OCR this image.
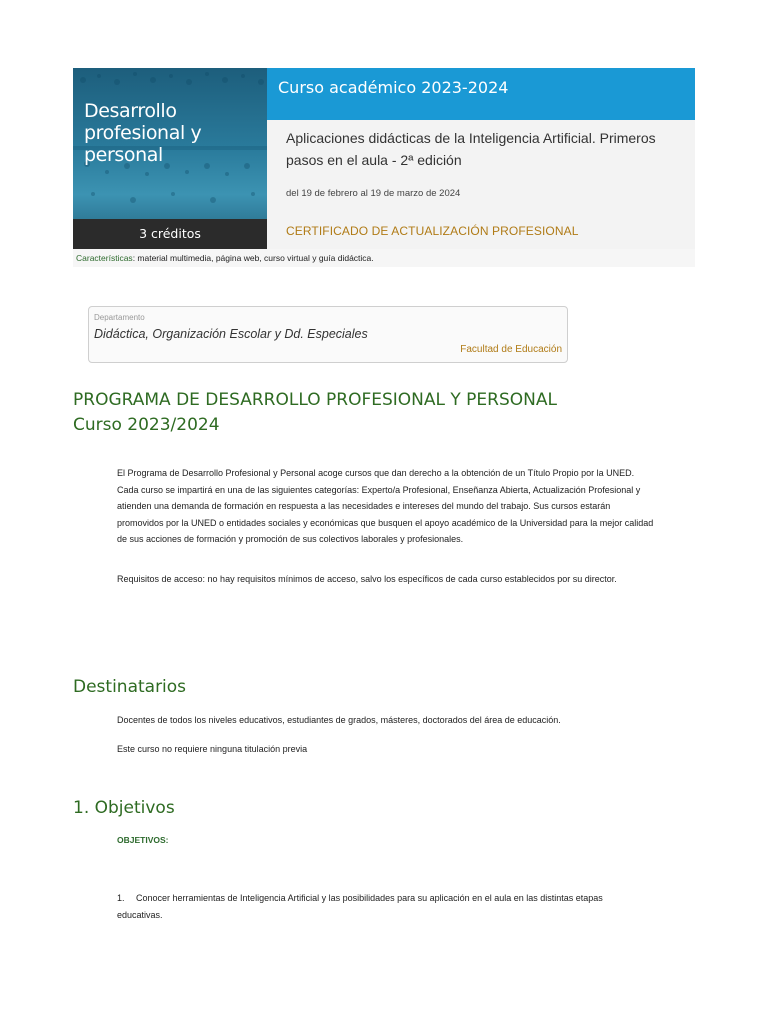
Desarrollo
profesional y personal
3 créditos
Curso académico 2023-2024
Aplicaciones didácticas de la Inteligencia Artificial. Primeros pasos en el aula - 2ª edición
del 19 de febrero al 19 de marzo de 2024
CERTIFICADO DE ACTUALIZACIÓN PROFESIONAL
Características: material multimedia, página web, curso virtual y guía didáctica.
Departamento
Didáctica, Organización Escolar y Dd. Especiales
Facultad de Educación
PROGRAMA DE DESARROLLO PROFESIONAL Y PERSONAL
Curso 2023/2024
El Programa de Desarrollo Profesional y Personal acoge cursos que dan derecho a la obtención de un Título Propio por la UNED. Cada curso se impartirá en una de las siguientes categorías: Experto/a Profesional, Enseñanza Abierta, Actualización Profesional y atienden una demanda de formación en respuesta a las necesidades e intereses del mundo del trabajo. Sus cursos estarán promovidos por la UNED o entidades sociales y económicas que busquen el apoyo académico de la Universidad para la mejor calidad de sus acciones de formación y promoción de sus colectivos laborales y profesionales.
Requisitos de acceso: no hay requisitos mínimos de acceso, salvo los específicos de cada curso establecidos por su director.
Destinatarios
Docentes de todos los niveles educativos, estudiantes de grados, másteres, doctorados del área de educación.
Este curso no requiere ninguna titulación previa
1. Objetivos
OBJETIVOS:
1. Conocer herramientas de Inteligencia Artificial y las posibilidades para su aplicación en el aula en las distintas etapas educativas.
